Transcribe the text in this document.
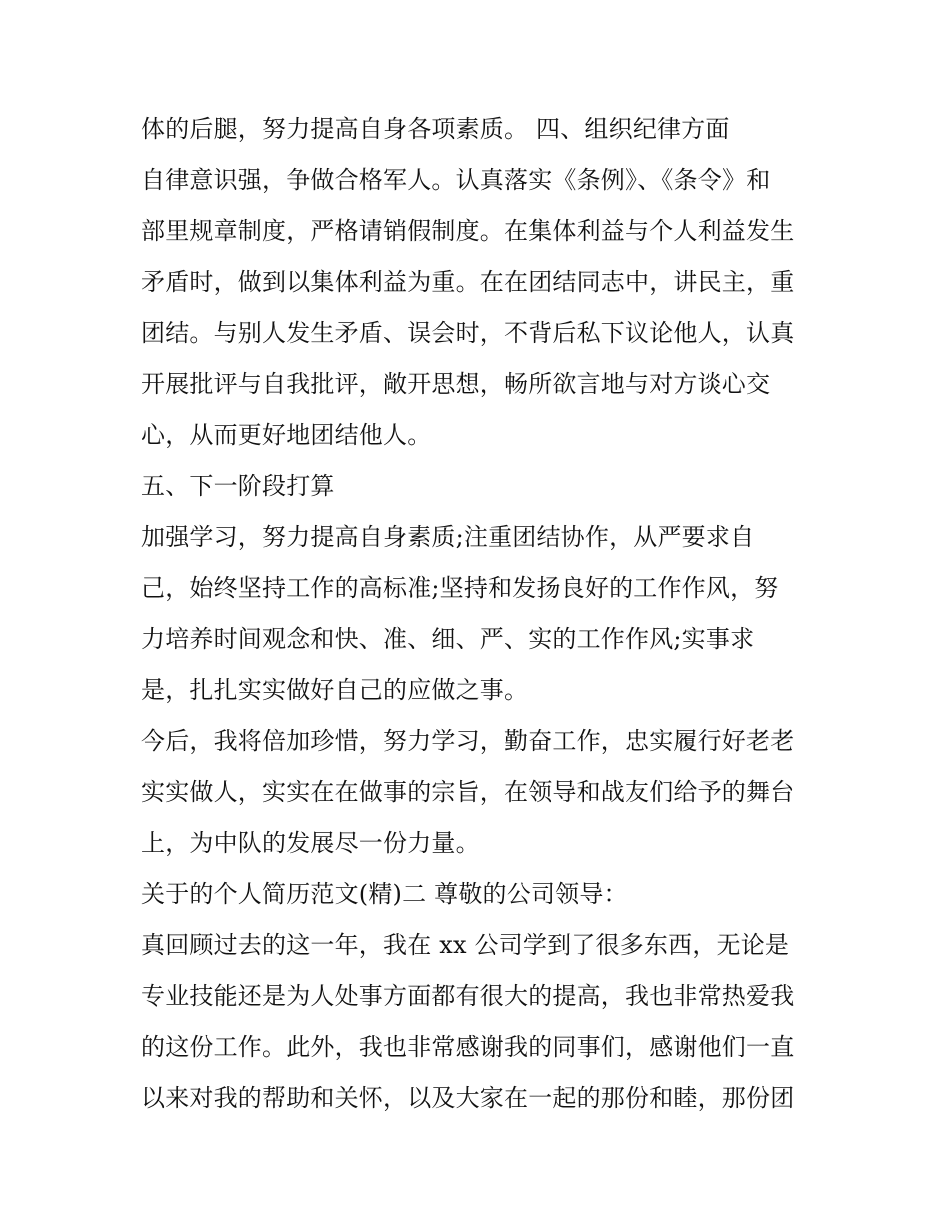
体的后腿，努力提高自身各项素质。 四、组织纪律方面
自律意识强，争做合格军人。认真落实《条例》、《条令》和
部里规章制度，严格请销假制度。在集体利益与个人利益发生
矛盾时，做到以集体利益为重。在在团结同志中，讲民主，重
团结。与别人发生矛盾、误会时，不背后私下议论他人，认真
开展批评与自我批评，敞开思想，畅所欲言地与对方谈心交
心，从而更好地团结他人。
五、下一阶段打算
加强学习，努力提高自身素质;注重团结协作，从严要求自
己，始终坚持工作的高标准;坚持和发扬良好的工作作风，努
力培养时间观念和快、准、细、严、实的工作作风;实事求
是，扎扎实实做好自己的应做之事。
今后，我将倍加珍惜，努力学习，勤奋工作，忠实履行好老老
实实做人，实实在在做事的宗旨，在领导和战友们给予的舞台
上，为中队的发展尽一份力量。
关于的个人简历范文(精)二 尊敬的公司领导：
真回顾过去的这一年，我在 xx 公司学到了很多东西，无论是
专业技能还是为人处事方面都有很大的提高，我也非常热爱我
的这份工作。此外，我也非常感谢我的同事们，感谢他们一直
以来对我的帮助和关怀，以及大家在一起的那份和睦，那份团
